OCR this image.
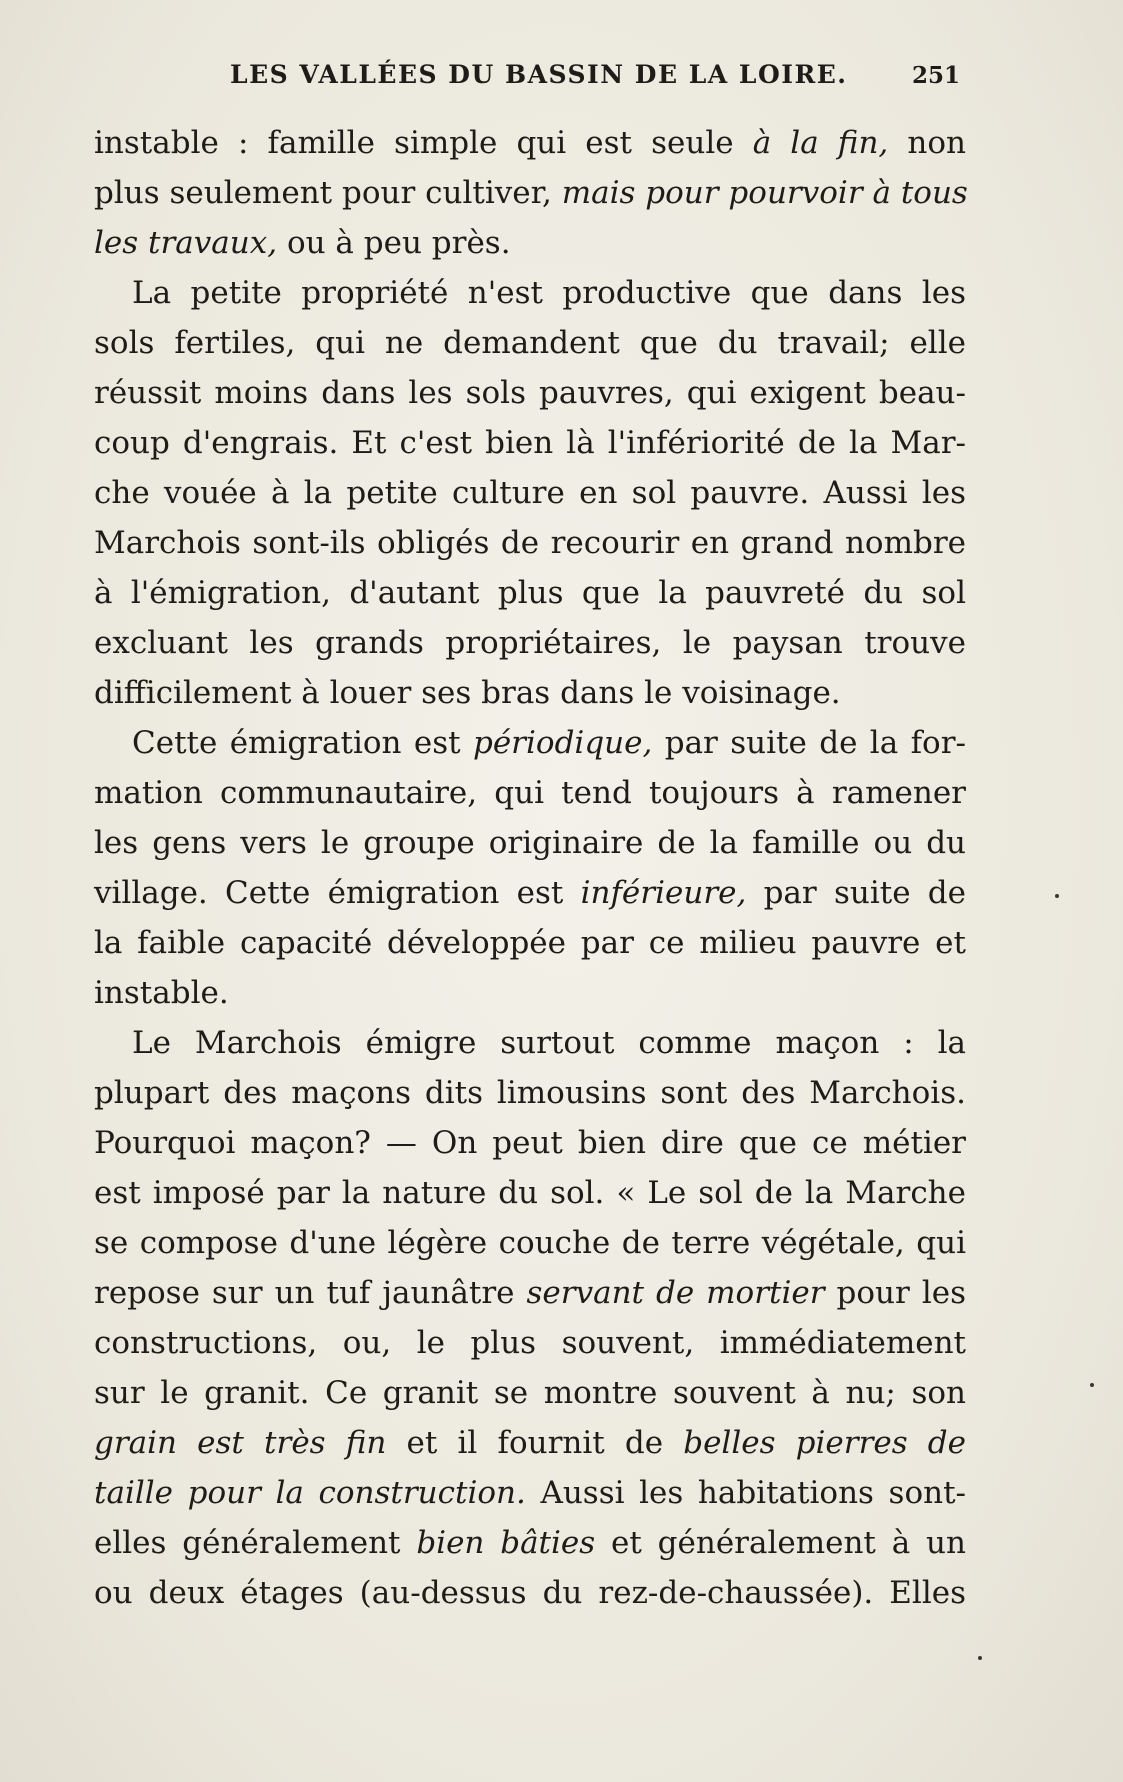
LES VALLÉES DU BASSIN DE LA LOIRE.	251
instable : famille simple qui est seule à la fin, non
plus seulement pour cultiver, mais pour pourvoir à tous
les travaux, ou à peu près.
La petite propriété n'est productive que dans les
sols fertiles, qui ne demandent que du travail; elle
réussit moins dans les sols pauvres, qui exigent beau-
coup d'engrais. Et c'est bien là l'infériorité de la Mar-
che vouée à la petite culture en sol pauvre. Aussi les
Marchois sont-ils obligés de recourir en grand nombre
à l'émigration, d'autant plus que la pauvreté du sol
excluant les grands propriétaires, le paysan trouve
difficilement à louer ses bras dans le voisinage.
Cette émigration est périodique, par suite de la for-
mation communautaire, qui tend toujours à ramener
les gens vers le groupe originaire de la famille ou du
village. Cette émigration est inférieure, par suite de
la faible capacité développée par ce milieu pauvre et
instable.
Le Marchois émigre surtout comme maçon : la
plupart des maçons dits limousins sont des Marchois.
Pourquoi maçon? — On peut bien dire que ce métier
est imposé par la nature du sol. « Le sol de la Marche
se compose d'une légère couche de terre végétale, qui
repose sur un tuf jaunâtre servant de mortier pour les
constructions, ou, le plus souvent, immédiatement
sur le granit. Ce granit se montre souvent à nu; son
grain est très fin et il fournit de belles pierres de
taille pour la construction. Aussi les habitations sont-
elles généralement bien bâties et généralement à un
ou deux étages (au-dessus du rez-de-chaussée). Elles
